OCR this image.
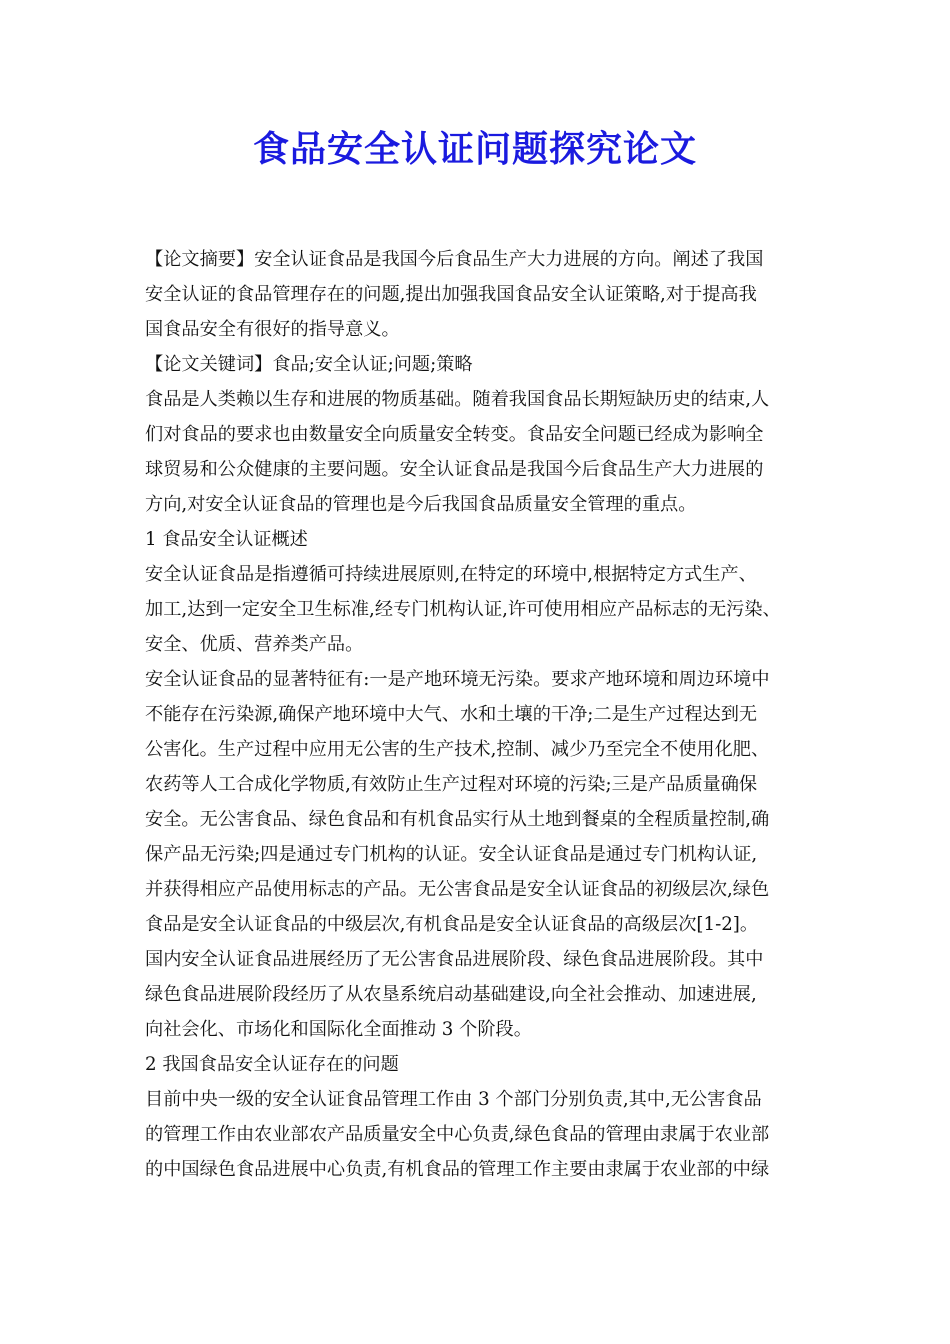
食品安全认证问题探究论文

【论文摘要】安全认证食品是我国今后食品生产大力进展的方向。阐述了我国

安全认证的食品管理存在的问题,提出加强我国食品安全认证策略,对于提高我

国食品安全有很好的指导意义。

【论文关键词】食品;安全认证;问题;策略

食品是人类赖以生存和进展的物质基础。随着我国食品长期短缺历史的结束,人

们对食品的要求也由数量安全向质量安全转变。食品安全问题已经成为影响全

球贸易和公众健康的主要问题。安全认证食品是我国今后食品生产大力进展的

方向,对安全认证食品的管理也是今后我国食品质量安全管理的重点。

1 食品安全认证概述

安全认证食品是指遵循可持续进展原则,在特定的环境中,根据特定方式生产、

加工,达到一定安全卫生标准,经专门机构认证,许可使用相应产品标志的无污染、

安全、优质、营养类产品。

安全认证食品的显著特征有:一是产地环境无污染。要求产地环境和周边环境中

不能存在污染源,确保产地环境中大气、水和土壤的干净;二是生产过程达到无

公害化。生产过程中应用无公害的生产技术,控制、减少乃至完全不使用化肥、

农药等人工合成化学物质,有效防止生产过程对环境的污染;三是产品质量确保

安全。无公害食品、绿色食品和有机食品实行从土地到餐桌的全程质量控制,确

保产品无污染;四是通过专门机构的认证。安全认证食品是通过专门机构认证,

并获得相应产品使用标志的产品。无公害食品是安全认证食品的初级层次,绿色

食品是安全认证食品的中级层次,有机食品是安全认证食品的高级层次[1-2]。

国内安全认证食品进展经历了无公害食品进展阶段、绿色食品进展阶段。其中

绿色食品进展阶段经历了从农垦系统启动基础建设,向全社会推动、加速进展,

向社会化、市场化和国际化全面推动 3 个阶段。

2 我国食品安全认证存在的问题

目前中央一级的安全认证食品管理工作由 3 个部门分别负责,其中,无公害食品

的管理工作由农业部农产品质量安全中心负责,绿色食品的管理由隶属于农业部

的中国绿色食品进展中心负责,有机食品的管理工作主要由隶属于农业部的中绿
